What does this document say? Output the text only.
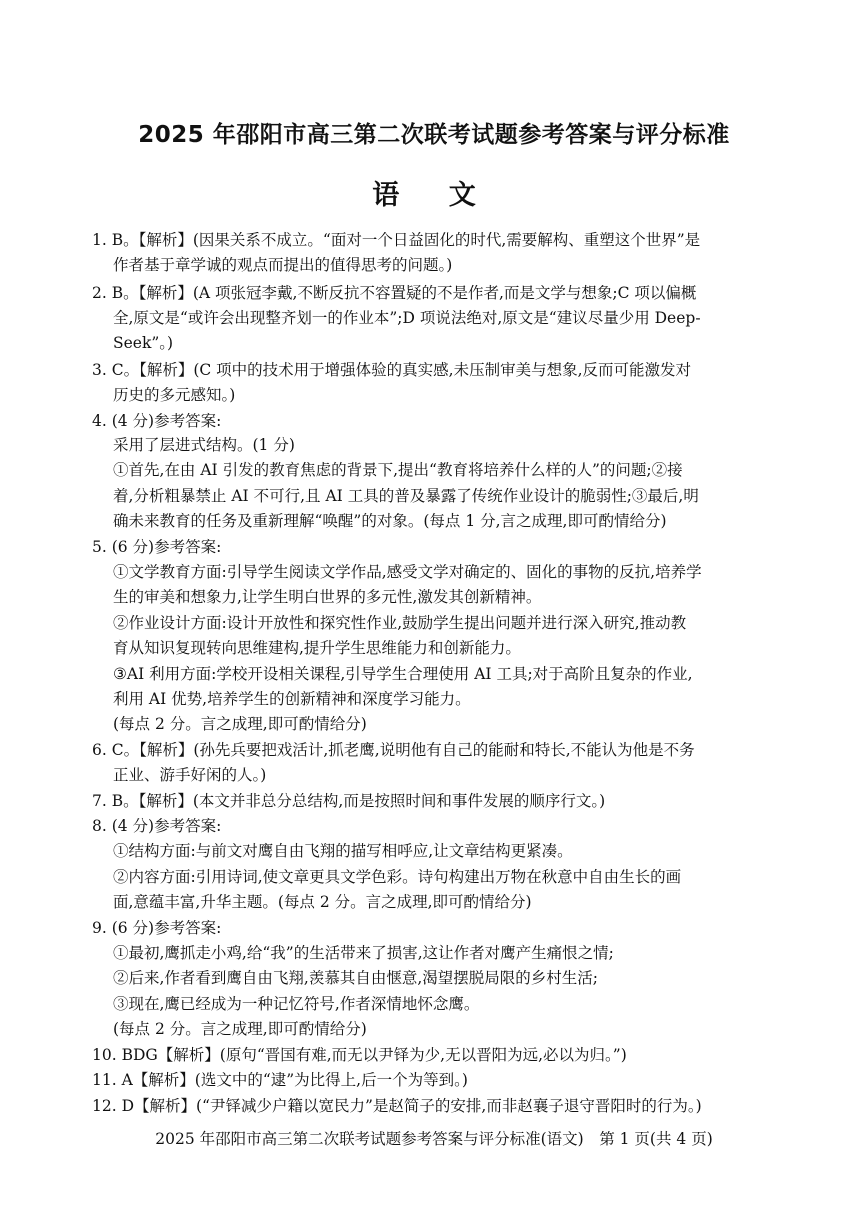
2025 年邵阳市高三第二次联考试题参考答案与评分标准
语 文
1. B。【解析】(因果关系不成立。“面对一个日益固化的时代,需要解构、重塑这个世界”是
作者基于章学诚的观点而提出的值得思考的问题。)
2. B。【解析】(A 项张冠李戴,不断反抗不容置疑的不是作者,而是文学与想象;C 项以偏概
全,原文是“或许会出现整齐划一的作业本”;D 项说法绝对,原文是“建议尽量少用 Deep-
Seek”。)
3. C。【解析】(C 项中的技术用于增强体验的真实感,未压制审美与想象,反而可能激发对
历史的多元感知。)
4. (4 分)参考答案:
采用了层进式结构。(1 分)
①首先,在由 AI 引发的教育焦虑的背景下,提出“教育将培养什么样的人”的问题;②接
着,分析粗暴禁止 AI 不可行,且 AI 工具的普及暴露了传统作业设计的脆弱性;③最后,明
确未来教育的任务及重新理解“唤醒”的对象。(每点 1 分,言之成理,即可酌情给分)
5. (6 分)参考答案:
①文学教育方面:引导学生阅读文学作品,感受文学对确定的、固化的事物的反抗,培养学
生的审美和想象力,让学生明白世界的多元性,激发其创新精神。
②作业设计方面:设计开放性和探究性作业,鼓励学生提出问题并进行深入研究,推动教
育从知识复现转向思维建构,提升学生思维能力和创新能力。
③AI 利用方面:学校开设相关课程,引导学生合理使用 AI 工具;对于高阶且复杂的作业,
利用 AI 优势,培养学生的创新精神和深度学习能力。
(每点 2 分。言之成理,即可酌情给分)
6. C。【解析】(孙先兵要把戏活计,抓老鹰,说明他有自己的能耐和特长,不能认为他是不务
正业、游手好闲的人。)
7. B。【解析】(本文并非总分总结构,而是按照时间和事件发展的顺序行文。)
8. (4 分)参考答案:
①结构方面:与前文对鹰自由飞翔的描写相呼应,让文章结构更紧凑。
②内容方面:引用诗词,使文章更具文学色彩。诗句构建出万物在秋意中自由生长的画
面,意蕴丰富,升华主题。(每点 2 分。言之成理,即可酌情给分)
9. (6 分)参考答案:
①最初,鹰抓走小鸡,给“我”的生活带来了损害,这让作者对鹰产生痛恨之情;
②后来,作者看到鹰自由飞翔,羡慕其自由惬意,渴望摆脱局限的乡村生活;
③现在,鹰已经成为一种记忆符号,作者深情地怀念鹰。
(每点 2 分。言之成理,即可酌情给分)
10. BDG【解析】(原句“晋国有难,而无以尹铎为少,无以晋阳为远,必以为归。”)
11. A【解析】(选文中的“逮”为比得上,后一个为等到。)
12. D【解析】(“尹铎减少户籍以宽民力”是赵简子的安排,而非赵襄子退守晋阳时的行为。)
2025 年邵阳市高三第二次联考试题参考答案与评分标准(语文)　第 1 页(共 4 页)
